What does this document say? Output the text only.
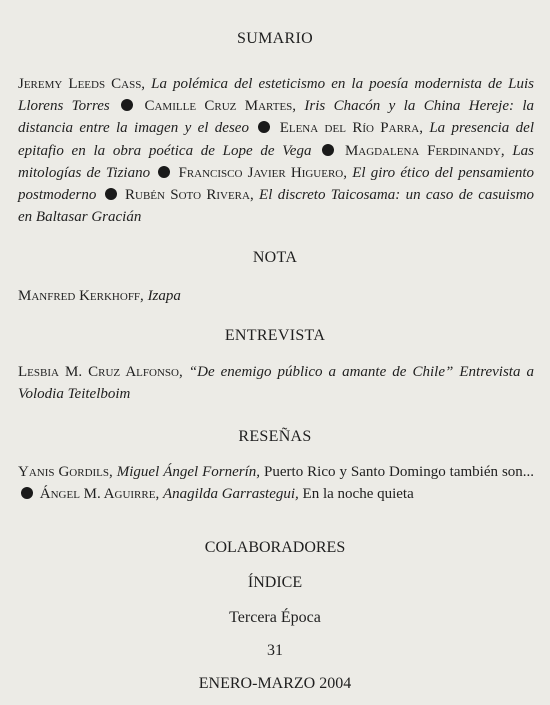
SUMARIO
Jeremy Leeds Cass, La polémica del esteticismo en la poesía modernista de Luis Llorens Torres Camille Cruz Martes, Iris Chacón y la China Hereje: la distancia entre la imagen y el deseo Elena del Río Parra, La presencia del epitafio en la obra poética de Lope de Vega Magdalena Ferdinandy, Las mitologías de Tiziano Francisco Javier Higuero, El giro ético del pensamiento postmoderno Rubén Soto Rivera, El discreto Taicosama: un caso de casuismo en Baltasar Gracián
NOTA
Manfred Kerkhoff, Izapa
ENTREVISTA
Lesbia M. Cruz Alfonso, “De enemigo público a amante de Chile” Entrevista a Volodia Teitelboim
RESEÑAS
Yanis Gordils, Miguel Ángel Fornerín, Puerto Rico y Santo Domingo también son...  Ángel M. Aguirre, Anagilda Garrastegui, En la noche quieta
COLABORADORES
ÍNDICE
Tercera Época
31
ENERO-MARZO 2004
